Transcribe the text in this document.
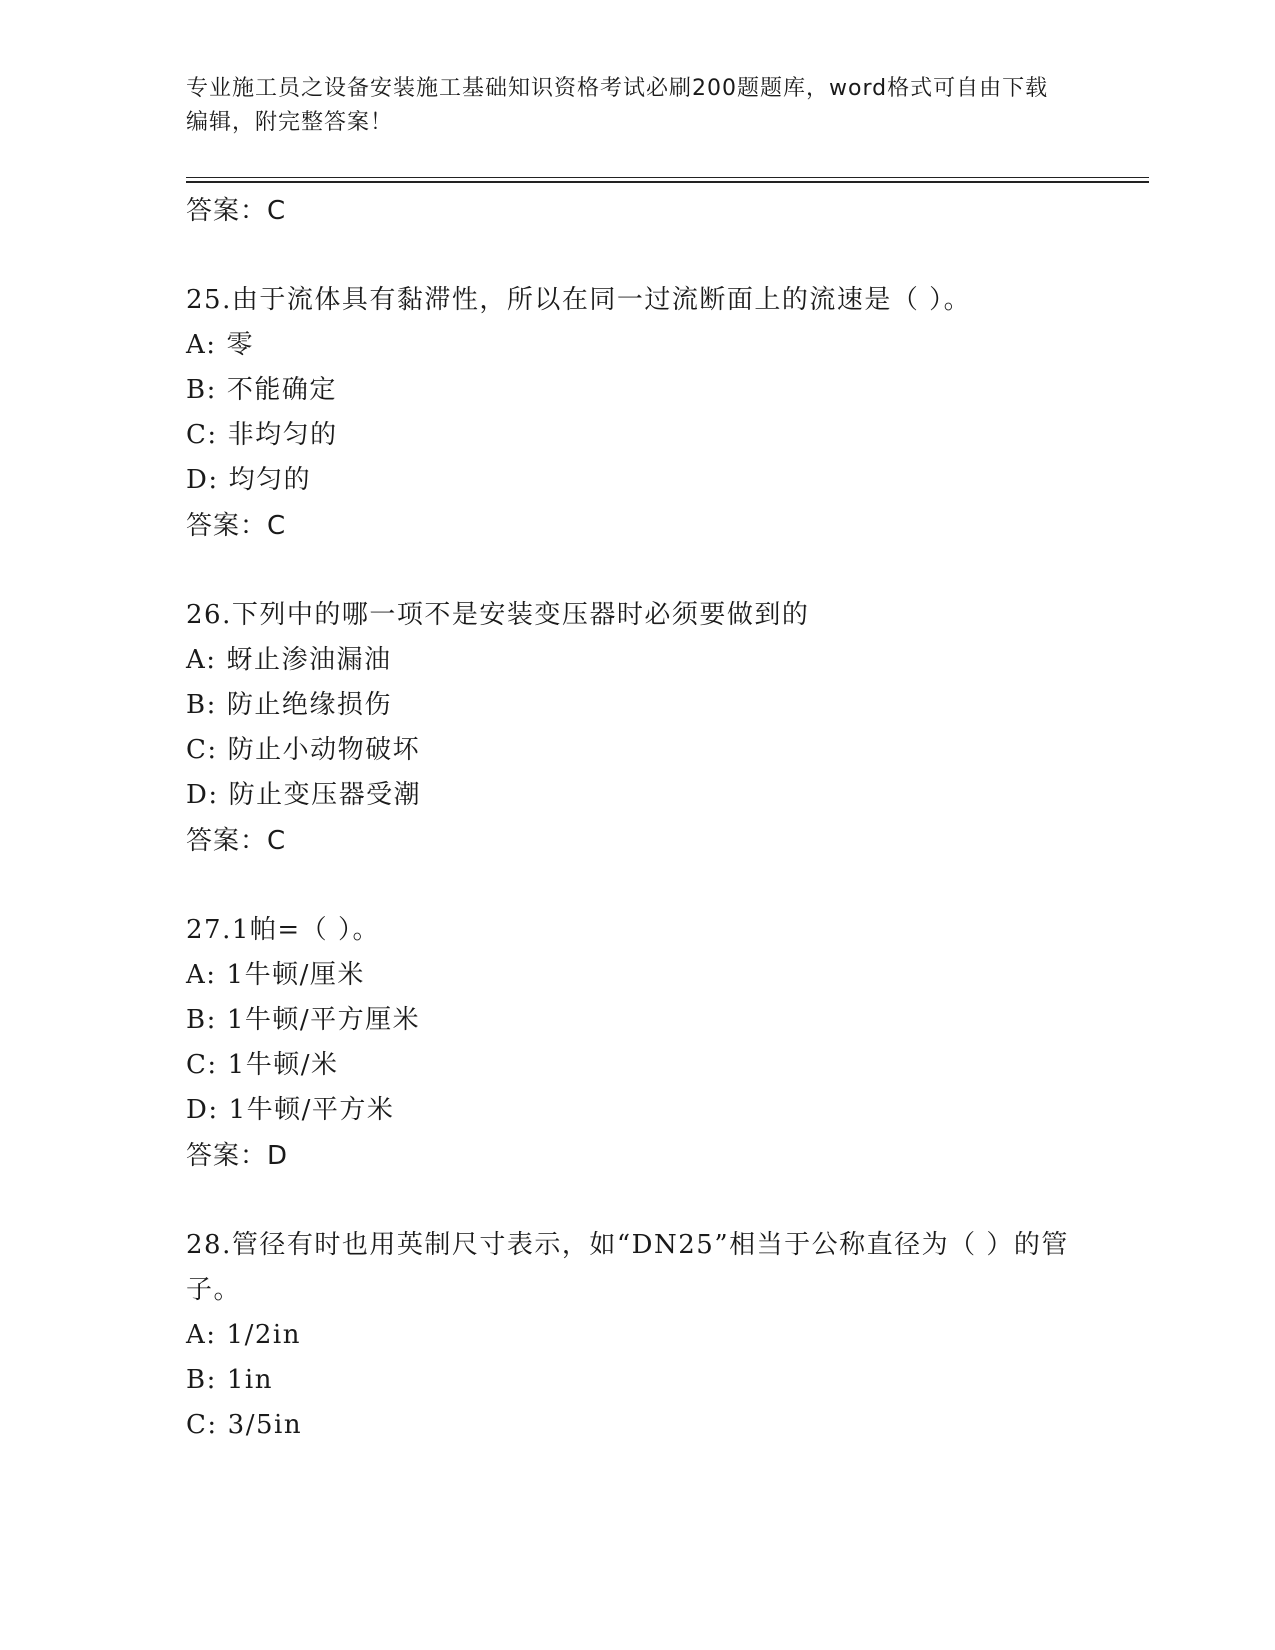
专业施工员之设备安装施工基础知识资格考试必刷200题题库，word格式可自由下载编辑，附完整答案！
答案：C
25.由于流体具有黏滞性，所以在同一过流断面上的流速是（ ）。
A: 零
B: 不能确定
C: 非均匀的
D: 均匀的
答案：C
26.下列中的哪一项不是安装变压器时必须要做到的
A: 蚜止渗油漏油
B: 防止绝缘损伤
C: 防止小动物破坏
D: 防止变压器受潮
答案：C
27.1帕=（ ）。
A: 1牛顿/厘米
B: 1牛顿/平方厘米
C: 1牛顿/米
D: 1牛顿/平方米
答案：D
28.管径有时也用英制尺寸表示，如“DN25”相当于公称直径为（ ）的管子。
A: 1/2in
B: 1in
C: 3/5in
